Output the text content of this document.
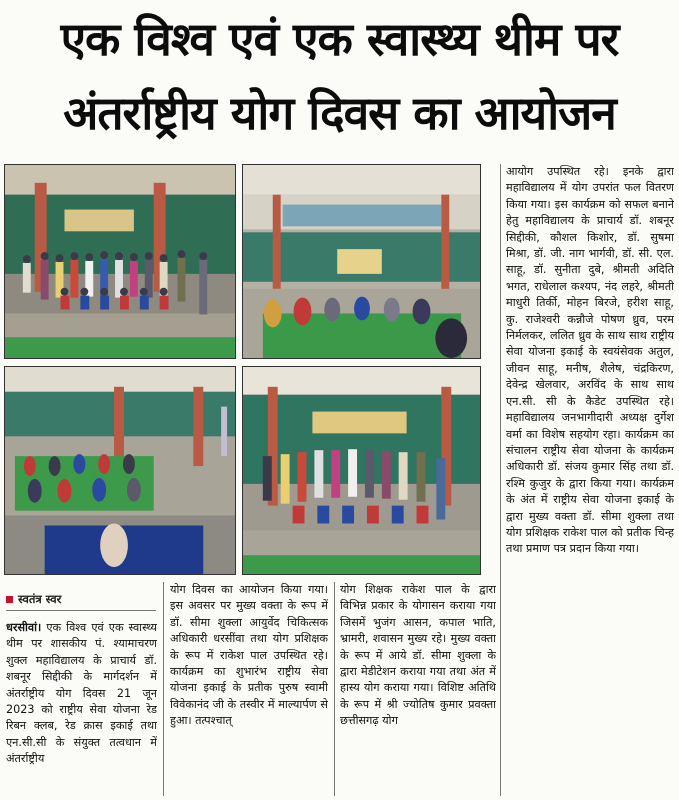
एक विश्व एवं एक स्वास्थ्य थीम पर
अंतर्राष्ट्रीय योग दिवस का आयोजन
स्वतंत्र स्वर
धरसीवां। एक विश्व एवं एक स्वास्थ्य थीम पर शासकीय पं. श्यामाचरण शुक्ल महाविद्यालय के प्राचार्य डॉ. शबनूर सिद्दीकी के मार्गदर्शन में अंतर्राष्ट्रीय योग दिवस 21 जून 2023 को राष्ट्रीय सेवा योजना रेड रिबन क्लब, रेड क्रास इकाई तथा एन.सी.सी के संयुक्त तत्वधान में अंतर्राष्ट्रीय
योग दिवस का आयोजन किया गया। इस अवसर पर मुख्य वक्ता के रूप में डॉ. सीमा शुक्ला आयुर्वेद चिकित्सक अधिकारी धरसींवा तथा योग प्रशिक्षक के रूप में राकेश पाल उपस्थित रहे। कार्यक्रम का शुभारंभ राष्ट्रीय सेवा योजना इकाई के प्रतीक पुरुष स्वामी विवेकानंद जी के तस्वीर में माल्यार्पण से हुआ। तत्पश्चात्
योग शिक्षक राकेश पाल के द्वारा विभिन्न प्रकार के योगासन कराया गया जिसमें भुजंग आसन, कपाल भाति, भ्रामरी, शवासन मुख्य रहे। मुख्य वक्ता के रूप में आये डॉ. सीमा शुक्ला के द्वारा मेडीटेशन कराया गया तथा अंत में हास्य योग कराया गया। विशिष्ट अतिथि के रूप में श्री ज्योतिष कुमार प्रवक्ता छत्तीसगढ़ योग
आयोग उपस्थित रहे। इनके द्वारा महाविद्यालय में योग उपरांत फल वितरण किया गया। इस कार्यक्रम को सफल बनाने हेतु महाविद्यालय के प्राचार्य डॉ. शबनूर सिद्दीकी, कौशल किशोर, डॉ. सुषमा मिश्रा, डॉ. जी. नाग भार्गवी, डॉ. सी. एल. साहू, डॉ. सुनीता दुबे, श्रीमती अदिति भगत, राधेलाल कश्यप, नंद लहरे, श्रीमती माधुरी तिर्की, मोहन बिरजे, हरीश साहू, कु. राजेश्वरी कन्नौजे पोषण ध्रुव, परम निर्मलकर, ललित ध्रुव के साथ साथ राष्ट्रीय सेवा योजना इकाई के स्वयंसेवक अतुल, जीवन साहू, मनीष, शैलेष, चंद्रकिरण, देवेन्द्र खेलवार, अरविंद के साथ साथ एन.सी. सी के कैडेट उपस्थित रहे। महाविद्यालय जनभागीदारी अध्यक्ष दुर्गेश वर्मा का विशेष सहयोग रहा। कार्यक्रम का संचालन राष्ट्रीय सेवा योजना के कार्यक्रम अधिकारी डॉ. संजय कुमार सिंह तथा डॉ. रश्मि कुजुर के द्वारा किया गया। कार्यक्रम के अंत में राष्ट्रीय सेवा योजना इकाई के द्वारा मुख्य वक्ता डॉ. सीमा शुक्ला तथा योग प्रशिक्षक राकेश पाल को प्रतीक चिन्ह तथा प्रमाण पत्र प्रदान किया गया।
